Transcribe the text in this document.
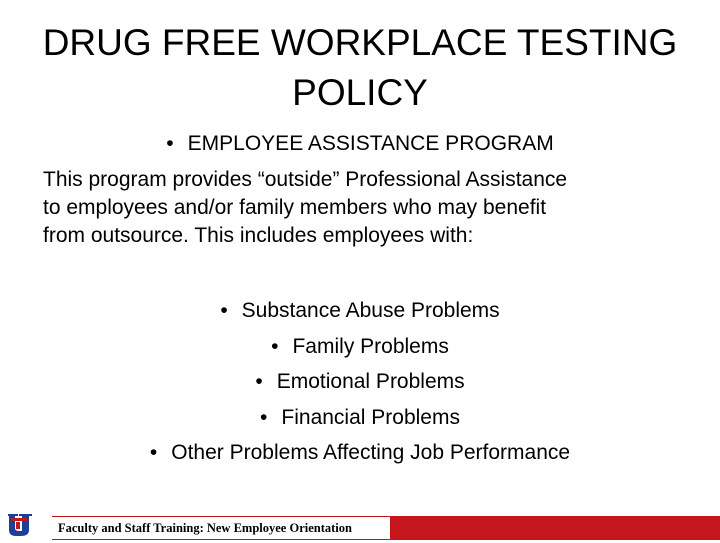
DRUG FREE WORKPLACE TESTING
POLICY
• EMPLOYEE ASSISTANCE PROGRAM
This program provides “outside” Professional Assistance
to employees and/or family members who may benefit
from outsource. This includes employees with:
• Substance Abuse Problems
• Family Problems
• Emotional Problems
• Financial Problems
• Other Problems Affecting Job Performance
Faculty and Staff Training: New Employee Orientation
